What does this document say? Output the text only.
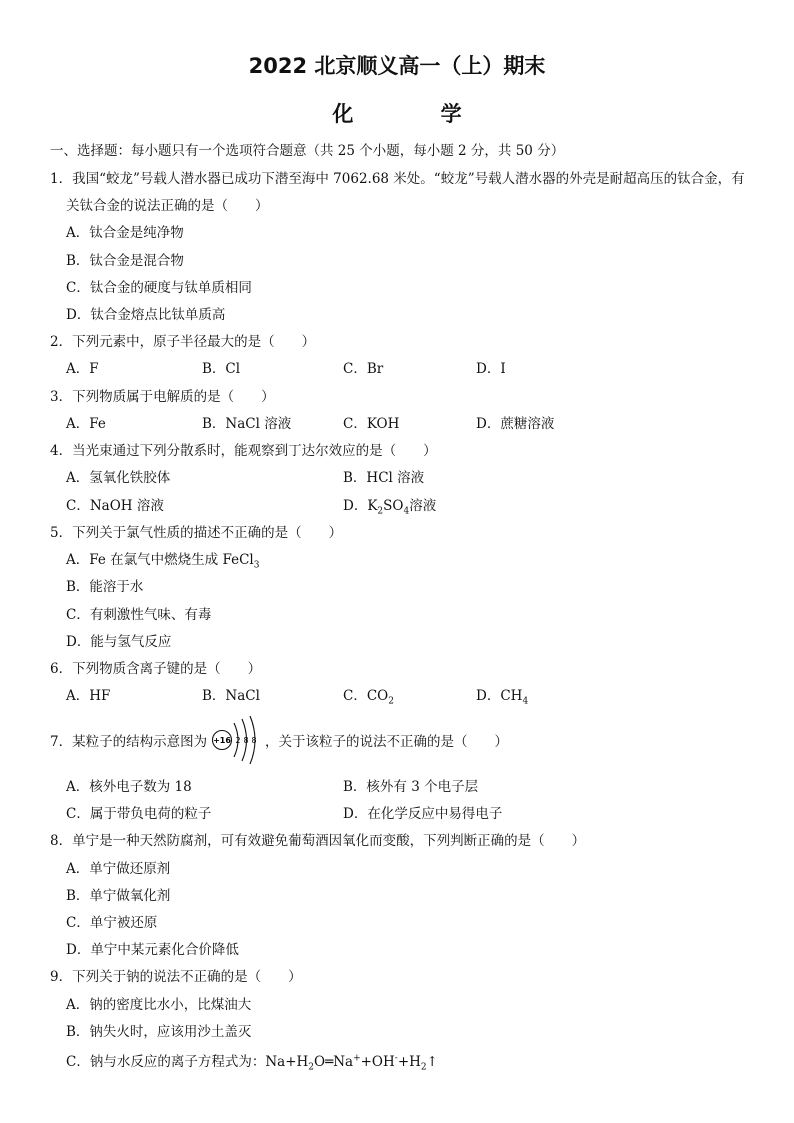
2022 北京顺义高一（上）期末
化 学
一、选择题：每小题只有一个选项符合题意（共 25 个小题，每小题 2 分，共 50 分）
1．我国“蛟龙”号载人潜水器已成功下潜至海中 7062.68 米处。“蛟龙”号载人潜水器的外壳是耐超高压的钛合金，有
关钛合金的说法正确的是（　　）
A．钛合金是纯净物
B．钛合金是混合物
C．钛合金的硬度与钛单质相同
D．钛合金熔点比钛单质高
2．下列元素中，原子半径最大的是（　　）
A．F	B．Cl	C．Br	D．I
3．下列物质属于电解质的是（　　）
A．Fe	B．NaCl 溶液	C．KOH	D．蔗糖溶液
4．当光束通过下列分散系时，能观察到丁达尔效应的是（　　）
A．氢氧化铁胶体	B．HCl 溶液
C．NaOH 溶液	D．$K_2SO_4$溶液
5．下列关于氯气性质的描述不正确的是（　　）
A．Fe 在氯气中燃烧生成 FeCl$_3$
B．能溶于水
C．有刺激性气味、有毒
D．能与氢气反应
6．下列物质含离子键的是（　　）
A．HF	B．NaCl	C．$CO_2$	D．$CH_4$
7．某粒子的结构示意图为 +16 2 8 8 ，关于该粒子的说法不正确的是（　　）
A．核外电子数为 18	B．核外有 3 个电子层
C．属于带负电荷的粒子	D．在化学反应中易得电子
8．单宁是一种天然防腐剂，可有效避免葡萄酒因氧化而变酸，下列判断正确的是（　　）
A．单宁做还原剂
B．单宁做氧化剂
C．单宁被还原
D．单宁中某元素化合价降低
9．下列关于钠的说法不正确的是（　　）
A．钠的密度比水小，比煤油大
B．钠失火时，应该用沙土盖灭
C．钠与水反应的离子方程式为：$Na+H_2O═Na^++OH^-+H_2↑$
